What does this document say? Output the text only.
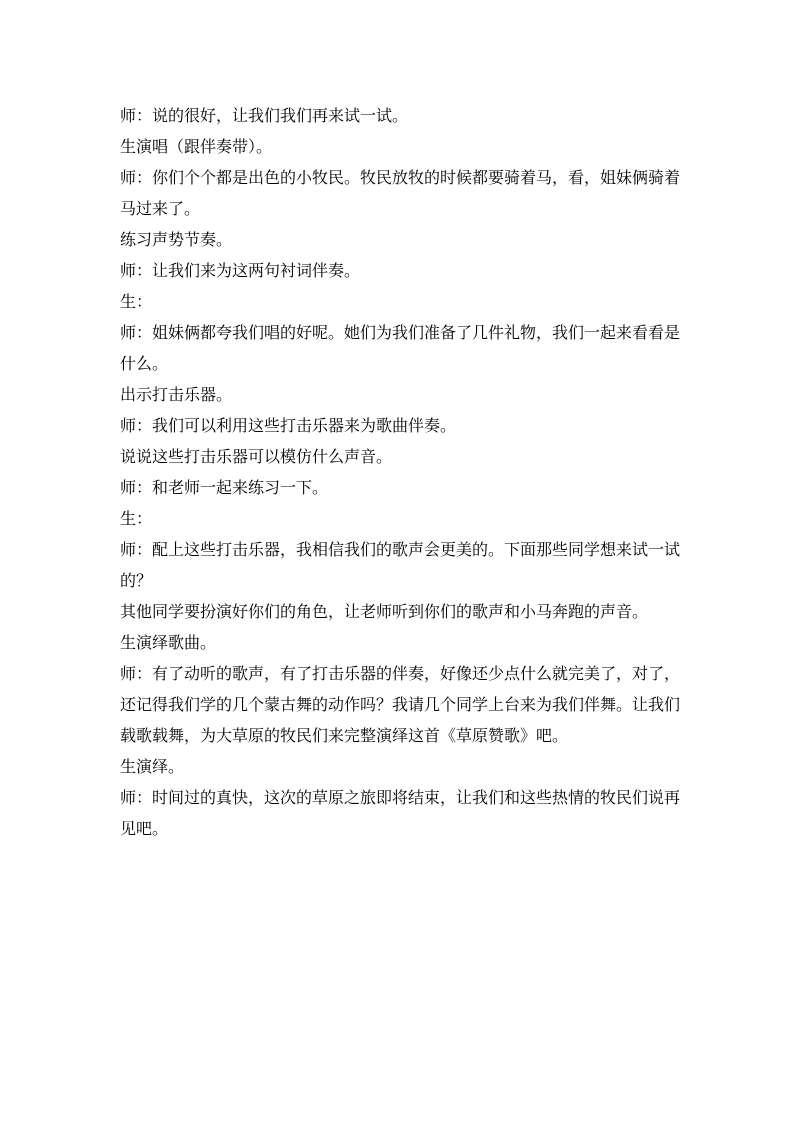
师：说的很好，让我们我们再来试一试。

生演唱（跟伴奏带）。

师：你们个个都是出色的小牧民。牧民放牧的时候都要骑着马，看，姐妹俩骑着马过来了。

练习声势节奏。

师：让我们来为这两句衬词伴奏。

生：

师：姐妹俩都夸我们唱的好呢。她们为我们准备了几件礼物，我们一起来看看是什么。

出示打击乐器。

师：我们可以利用这些打击乐器来为歌曲伴奏。

说说这些打击乐器可以模仿什么声音。

师：和老师一起来练习一下。

生：

师：配上这些打击乐器，我相信我们的歌声会更美的。下面那些同学想来试一试的？

其他同学要扮演好你们的角色，让老师听到你们的歌声和小马奔跑的声音。

生演绎歌曲。

师：有了动听的歌声，有了打击乐器的伴奏，好像还少点什么就完美了，对了，还记得我们学的几个蒙古舞的动作吗？我请几个同学上台来为我们伴舞。让我们载歌载舞，为大草原的牧民们来完整演绎这首《草原赞歌》吧。

生演绎。

师：时间过的真快，这次的草原之旅即将结束，让我们和这些热情的牧民们说再见吧。
